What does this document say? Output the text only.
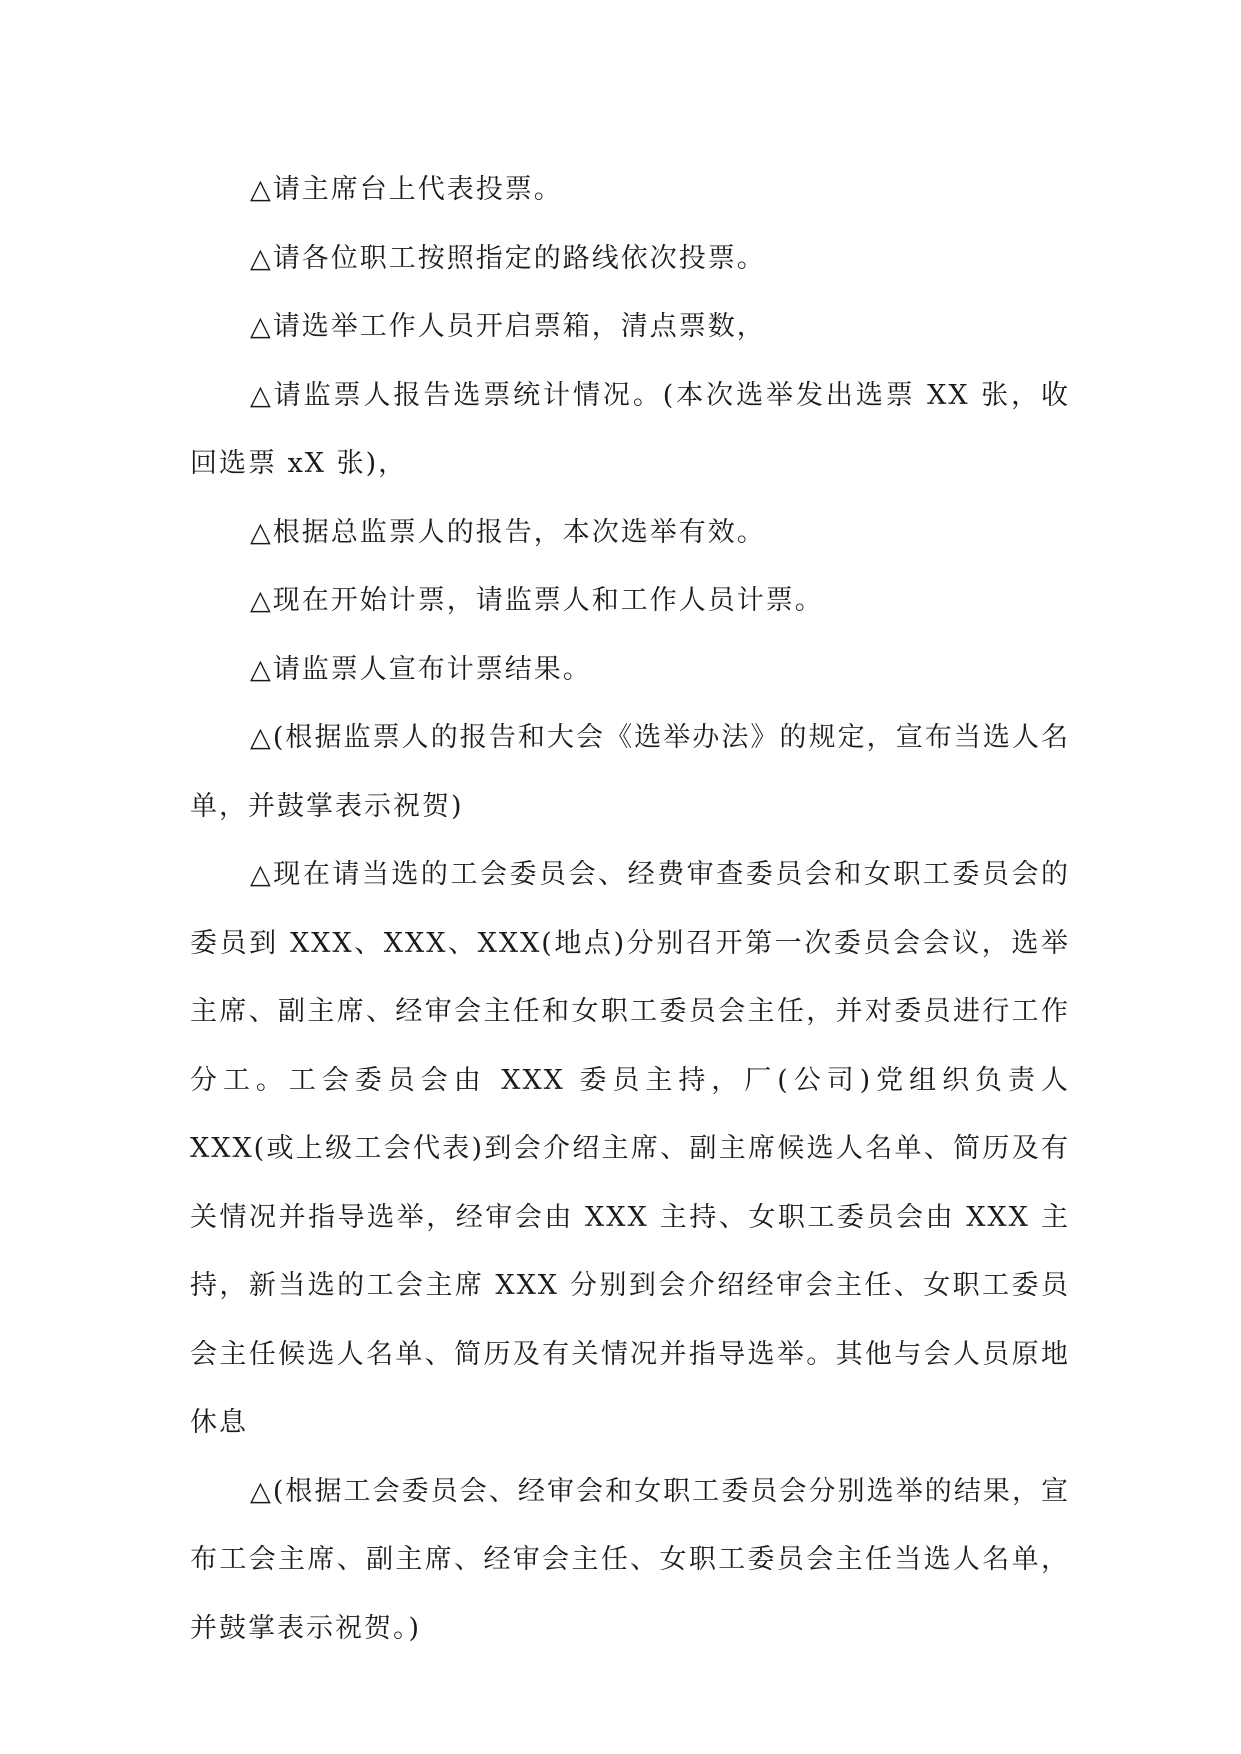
△请主席台上代表投票。

△请各位职工按照指定的路线依次投票。

△请选举工作人员开启票箱，清点票数，

△请监票人报告选票统计情况。(本次选举发出选票 XX 张，收回选票 xX 张)，

△根据总监票人的报告，本次选举有效。

△现在开始计票，请监票人和工作人员计票。

△请监票人宣布计票结果。

△(根据监票人的报告和大会《选举办法》的规定，宣布当选人名单，并鼓掌表示祝贺)

△现在请当选的工会委员会、经费审查委员会和女职工委员会的委员到 XXX、XXX、XXX(地点)分别召开第一次委员会会议，选举主席、副主席、经审会主任和女职工委员会主任，并对委员进行工作分工。工会委员会由 XXX 委员主持，厂(公司)党组织负责人 XXX(或上级工会代表)到会介绍主席、副主席候选人名单、简历及有关情况并指导选举，经审会由 XXX 主持、女职工委员会由 XXX 主持，新当选的工会主席 XXX 分别到会介绍经审会主任、女职工委员会主任候选人名单、简历及有关情况并指导选举。其他与会人员原地休息

△(根据工会委员会、经审会和女职工委员会分别选举的结果，宣布工会主席、副主席、经审会主任、女职工委员会主任当选人名单，并鼓掌表示祝贺。)
